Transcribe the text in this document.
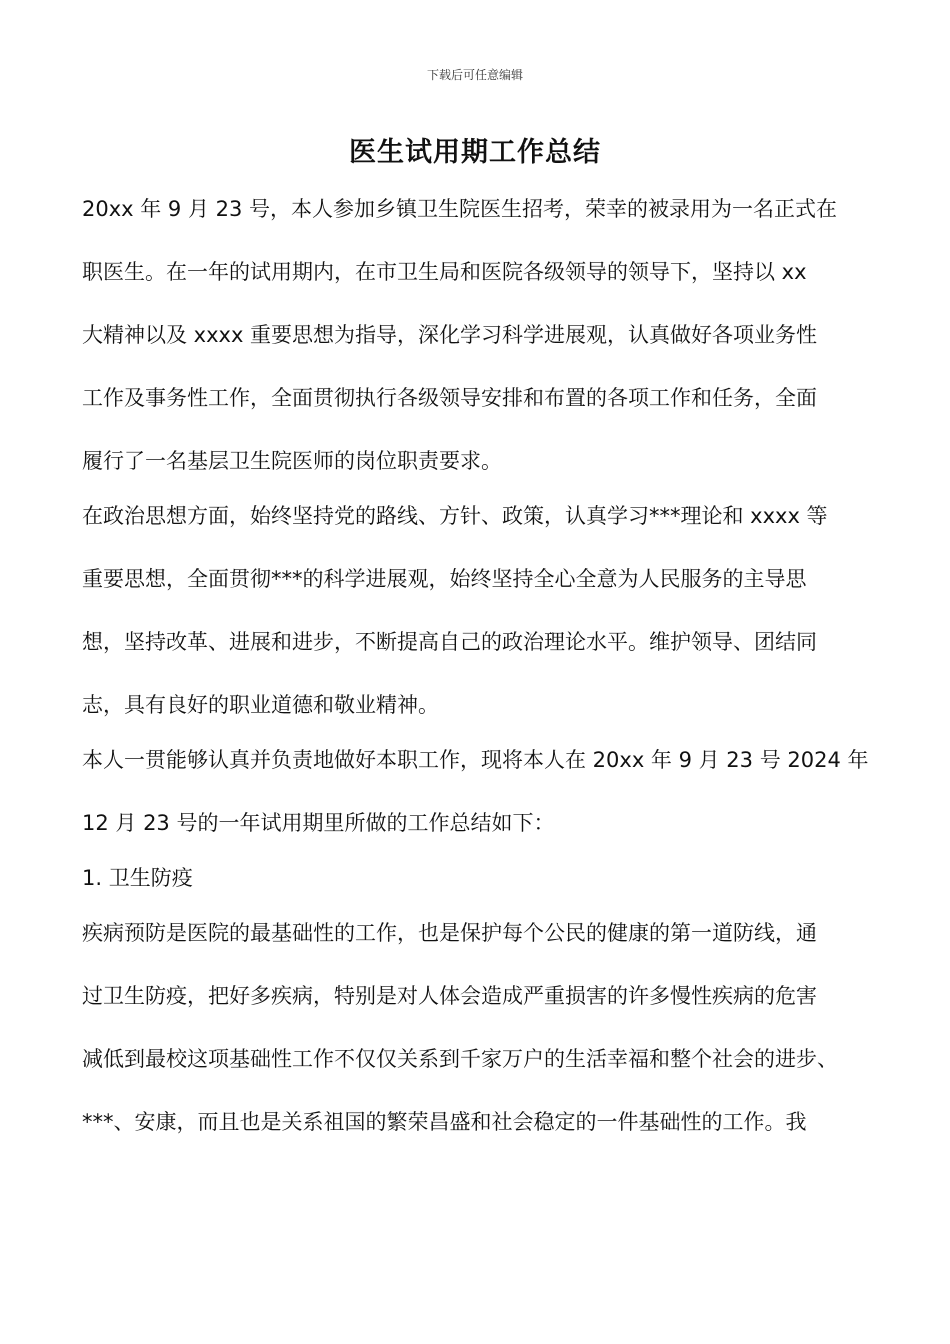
下载后可任意编辑
医生试用期工作总结
20xx 年 9 月 23 号，本人参加乡镇卫生院医生招考，荣幸的被录用为一名正式在
职医生。在一年的试用期内，在市卫生局和医院各级领导的领导下，坚持以 xx
大精神以及 xxxx 重要思想为指导，深化学习科学进展观，认真做好各项业务性
工作及事务性工作，全面贯彻执行各级领导安排和布置的各项工作和任务，全面
履行了一名基层卫生院医师的岗位职责要求。
在政治思想方面，始终坚持党的路线、方针、政策，认真学习***理论和 xxxx 等
重要思想，全面贯彻***的科学进展观，始终坚持全心全意为人民服务的主导思
想，坚持改革、进展和进步，不断提高自己的政治理论水平。维护领导、团结同
志，具有良好的职业道德和敬业精神。
本人一贯能够认真并负责地做好本职工作，现将本人在 20xx 年 9 月 23 号 2024 年
12 月 23 号的一年试用期里所做的工作总结如下：
1. 卫生防疫
疾病预防是医院的最基础性的工作，也是保护每个公民的健康的第一道防线，通
过卫生防疫，把好多疾病，特别是对人体会造成严重损害的许多慢性疾病的危害
减低到最校这项基础性工作不仅仅关系到千家万户的生活幸福和整个社会的进步、
***、安康，而且也是关系祖国的繁荣昌盛和社会稳定的一件基础性的工作。我
